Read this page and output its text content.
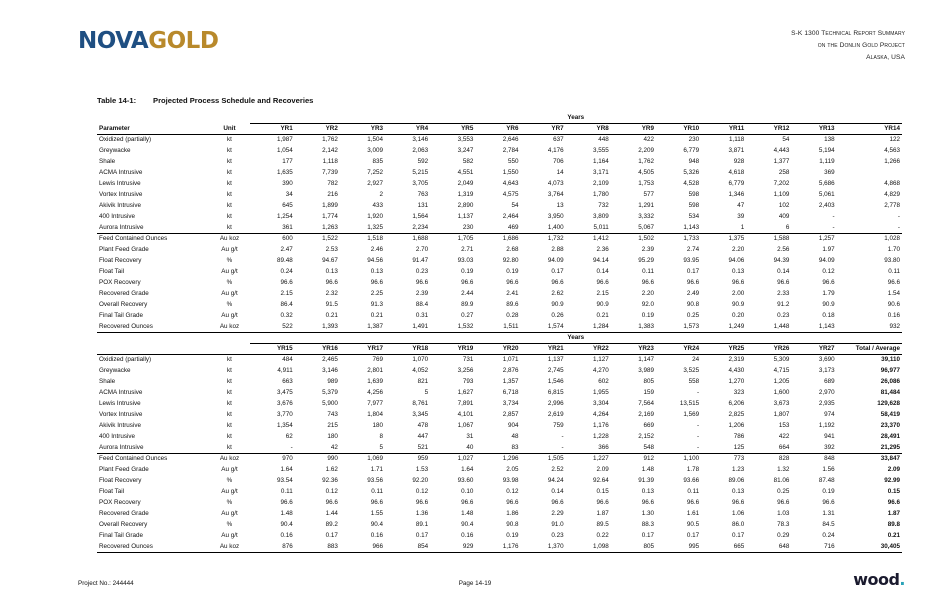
NOVAGOLD	S-K 1300 Technical Report Summary
on the Donlin Gold Project
Alaska, USA
Table 14-1: Projected Process Schedule and Recoveries
		Years													
Parameter	Unit	YR1	YR2	YR3	YR4	YR5	YR6	YR7	YR8	YR9	YR10	YR11	YR12	YR13	YR14
Oxidized (partially)	kt	1,987	1,762	1,504	3,146	3,553	2,646	637	448	422	230	1,118	54	138	122
Greywacke	kt	1,054	2,142	3,009	2,063	3,247	2,784	4,176	3,555	2,209	6,779	3,871	4,443	5,194	4,563
Shale	kt	177	1,118	835	592	582	550	706	1,164	1,762	948	928	1,377	1,119	1,266
ACMA Intrusive	kt	1,635	7,739	7,252	5,215	4,551	1,550	14	3,171	4,505	5,326	4,618	258	369	
Lewis Intrusive	kt	390	782	2,927	3,705	2,049	4,643	4,073	2,109	1,753	4,528	6,779	7,202	5,686	4,868
Vortex Intrusive	kt	34	216	2	763	1,319	4,575	3,764	1,780	577	598	1,346	1,109	5,061	4,829
Akivik Intrusive	kt	645	1,899	433	131	2,890	54	13	732	1,291	598	47	102	2,403	2,778
400 Intrusive	kt	1,254	1,774	1,920	1,564	1,137	2,464	3,950	3,809	3,332	534	39	409	-	-
Aurora Intrusive	kt	361	1,263	1,325	2,234	230	469	1,400	5,011	5,067	1,143	1	6	-	-
Feed Contained Ounces	Au koz	600	1,522	1,518	1,688	1,705	1,686	1,732	1,412	1,502	1,733	1,375	1,588	1,257	1,028
Plant Feed Grade	Au g/t	2.47	2.53	2.46	2.70	2.71	2.68	2.88	2.36	2.39	2.74	2.20	2.56	1.97	1.70
Float Recovery	%	89.48	94.67	94.56	91.47	93.03	92.80	94.09	94.14	95.29	93.95	94.06	94.39	94.09	93.80
Float Tail	Au g/t	0.24	0.13	0.13	0.23	0.19	0.19	0.17	0.14	0.11	0.17	0.13	0.14	0.12	0.11
POX Recovery	%	96.6	96.6	96.6	96.6	96.6	96.6	96.6	96.6	96.6	96.6	96.6	96.6	96.6	96.6
Recovered Grade	Au g/t	2.15	2.32	2.25	2.39	2.44	2.41	2.62	2.15	2.20	2.49	2.00	2.33	1.79	1.54
Overall Recovery	%	86.4	91.5	91.3	88.4	89.9	89.6	90.9	90.9	92.0	90.8	90.9	91.2	90.9	90.6
Final Tail Grade	Au g/t	0.32	0.21	0.21	0.31	0.27	0.28	0.26	0.21	0.19	0.25	0.20	0.23	0.18	0.16
Recovered Ounces	Au koz	522	1,393	1,387	1,491	1,532	1,511	1,574	1,284	1,383	1,573	1,249	1,448	1,143	932
		Years													
		YR15	YR16	YR17	YR18	YR19	YR20	YR21	YR22	YR23	YR24	YR25	YR26	YR27	Total / Average
Oxidized (partially)	kt	484	2,465	769	1,070	731	1,071	1,137	1,127	1,147	24	2,319	5,309	3,690	39,110
Greywacke	kt	4,911	3,146	2,801	4,052	3,256	2,876	2,745	4,270	3,989	3,525	4,430	4,715	3,173	96,977
Shale	kt	663	989	1,639	821	793	1,357	1,546	602	805	558	1,270	1,205	689	26,086
ACMA Intrusive	kt	3,475	5,379	4,256	5	1,627	6,718	6,815	1,955	159	-	323	1,600	2,970	81,484
Lewis Intrusive	kt	3,676	5,900	7,977	8,761	7,891	3,734	2,996	3,304	7,564	13,515	6,206	3,673	2,935	129,628
Vortex Intrusive	kt	3,770	743	1,804	3,345	4,101	2,857	2,619	4,264	2,169	1,569	2,825	1,807	974	58,419
Akivik Intrusive	kt	1,354	215	180	478	1,067	904	759	1,176	669	-	1,206	153	1,192	23,370
400 Intrusive	kt	62	180	8	447	31	48	-	1,228	2,152	-	786	422	941	28,491
Aurora Intrusive	kt	-	42	5	521	40	83	-	366	548	-	125	664	392	21,295
Feed Contained Ounces	Au koz	970	990	1,069	959	1,027	1,296	1,505	1,227	912	1,100	773	828	848	33,847
Plant Feed Grade	Au g/t	1.64	1.62	1.71	1.53	1.64	2.05	2.52	2.09	1.48	1.78	1.23	1.32	1.56	2.09
Float Recovery	%	93.54	92.36	93.56	92.20	93.60	93.98	94.24	92.64	91.39	93.66	89.06	81.06	87.48	92.99
Float Tail	Au g/t	0.11	0.12	0.11	0.12	0.10	0.12	0.14	0.15	0.13	0.11	0.13	0.25	0.19	0.15
POX Recovery	%	96.6	96.6	96.6	96.6	96.6	96.6	96.6	96.6	96.6	96.6	96.6	96.6	96.6	96.6
Recovered Grade	Au g/t	1.48	1.44	1.55	1.36	1.48	1.86	2.29	1.87	1.30	1.61	1.06	1.03	1.31	1.87
Overall Recovery	%	90.4	89.2	90.4	89.1	90.4	90.8	91.0	89.5	88.3	90.5	86.0	78.3	84.5	89.8
Final Tail Grade	Au g/t	0.16	0.17	0.16	0.17	0.16	0.19	0.23	0.22	0.17	0.17	0.17	0.29	0.24	0.21
Recovered Ounces	Au koz	876	883	966	854	929	1,176	1,370	1,098	805	995	665	648	716	30,405
Project No.: 244444	Page 14-19	wood.
